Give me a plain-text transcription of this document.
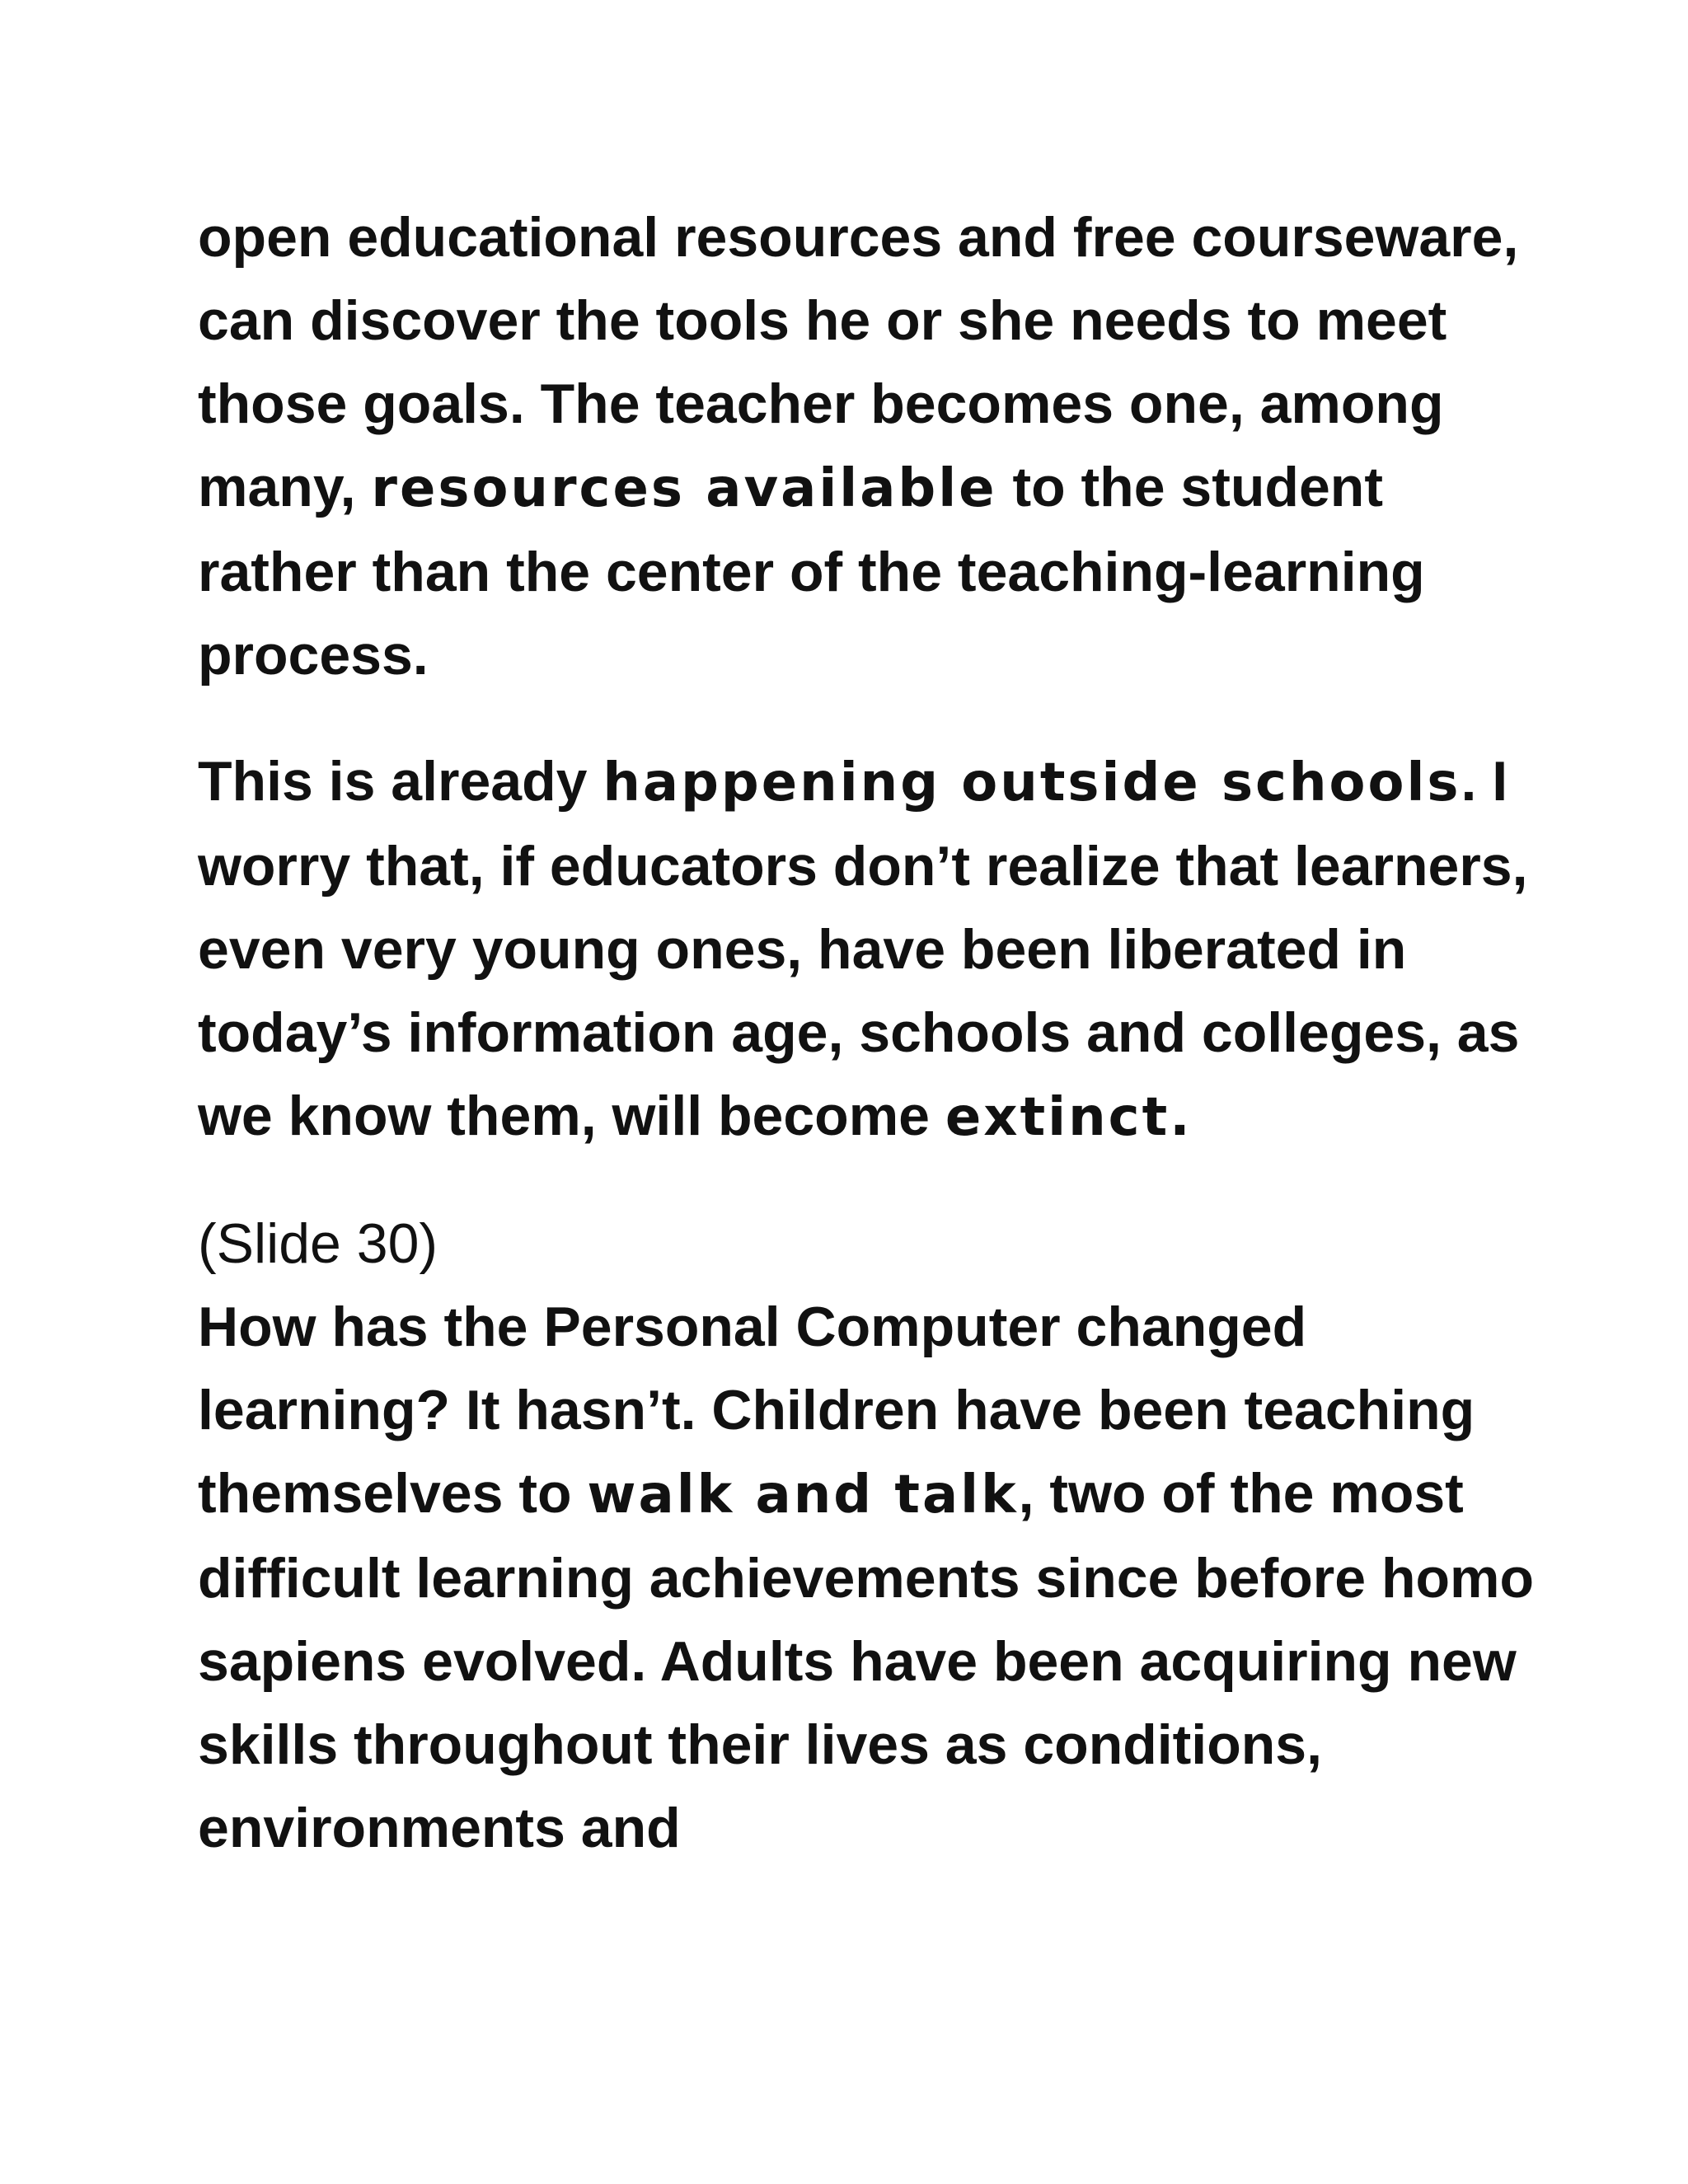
open educational resources and free courseware, can discover the tools he or she needs to meet those goals. The teacher becomes one, among many, resources available to the student rather than the center of the teaching-learning process.

This is already happening outside schools. I worry that, if educators don’t realize that learners, even very young ones, have been liberated in today’s information age, schools and colleges, as we know them, will become extinct.

(Slide 30)

How has the Personal Computer changed learning? It hasn’t. Children have been teaching themselves to walk and talk, two of the most difficult learning achievements since before homo sapiens evolved. Adults have been acquiring new skills throughout their lives as conditions, environments and
